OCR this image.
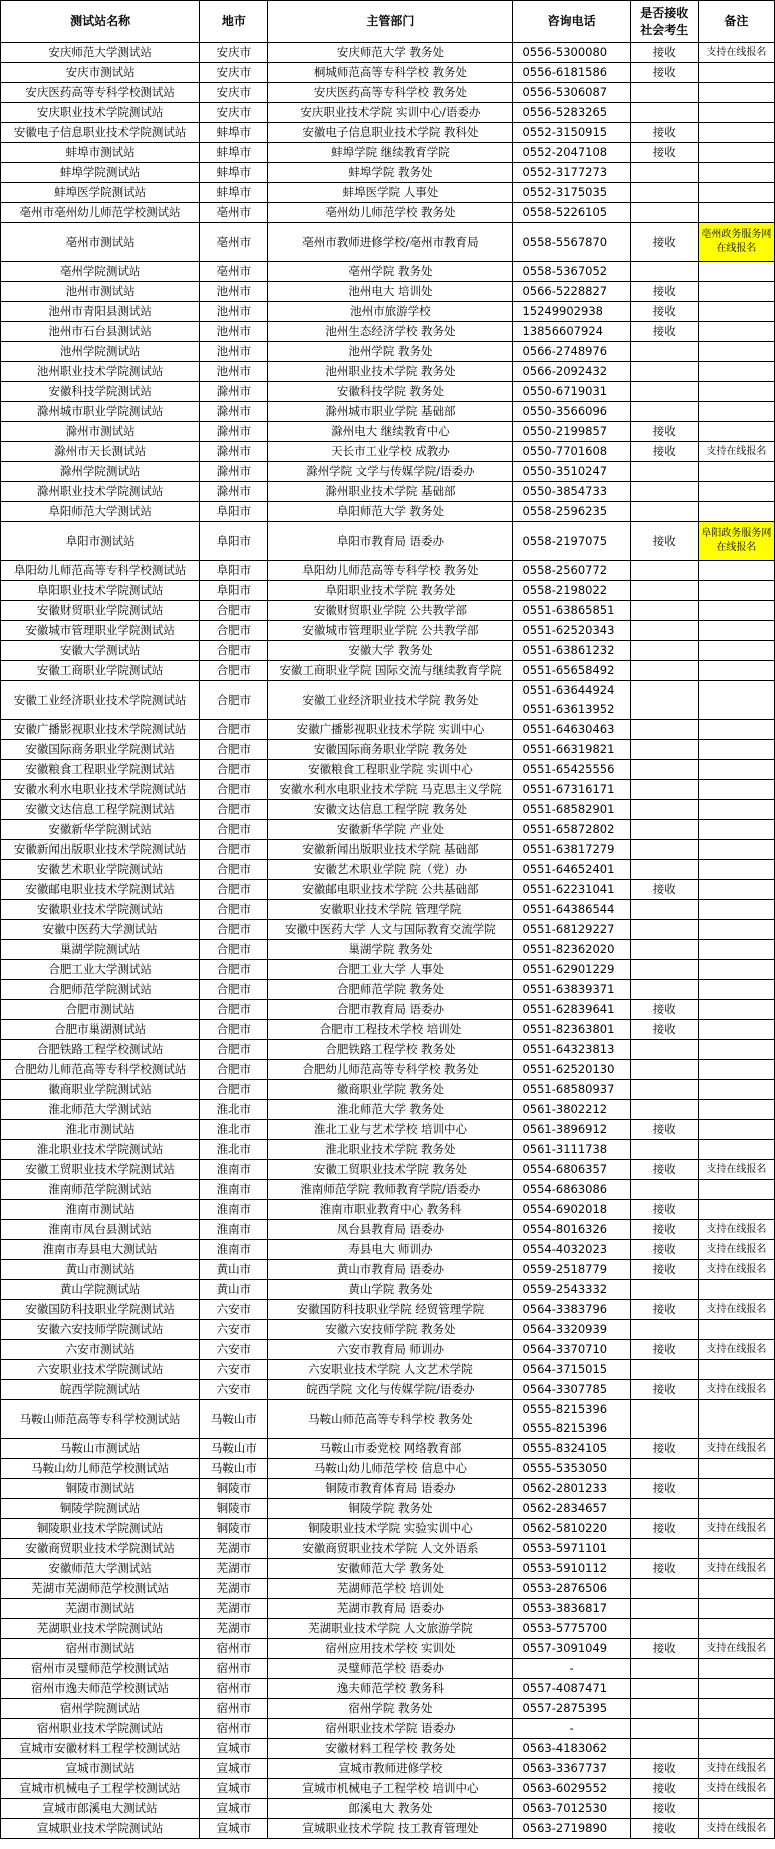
测试站名称	地市	主管部门	咨询电话	是否接收
社会考生	备注
安庆师范大学测试站	安庆市	安庆师范大学 教务处	0556-5300080	接收	支持在线报名
安庆市测试站	安庆市	桐城师范高等专科学校 教务处	0556-6181586	接收	
安庆医药高等专科学校测试站	安庆市	安庆医药高等专科学校 教务处	0556-5306087		

安庆职业技术学院测试站	安庆市	安庆职业技术学院 实训中心/语委办	0556-5283265		

安徽电子信息职业技术学院测试站	蚌埠市	安徽电子信息职业技术学院 教科处	0552-3150915	接收	
蚌埠市测试站	蚌埠市	蚌埠学院 继续教育学院	0552-2047108	接收	
蚌埠学院测试站	蚌埠市	蚌埠学院 教务处	0552-3177273		

蚌埠医学院测试站	蚌埠市	蚌埠医学院 人事处	0552-3175035		

亳州市亳州幼儿师范学校测试站	亳州市	亳州幼儿师范学校 教务处	0558-5226105		

亳州市测试站	亳州市	亳州市教师进修学校/亳州市教育局	0558-5567870	接收	亳州政务服务网在线报名
亳州学院测试站	亳州市	亳州学院 教务处	0558-5367052		

池州市测试站	池州市	池州电大 培训处	0566-5228827	接收	
池州市青阳县测试站	池州市	池州市旅游学校	15249902938	接收	
池州市石台县测试站	池州市	池州生态经济学校 教务处	13856607924	接收	
池州学院测试站	池州市	池州学院 教务处	0566-2748976		

池州职业技术学院测试站	池州市	池州职业技术学院 教务处	0566-2092432		

安徽科技学院测试站	滁州市	安徽科技学院 教务处	0550-6719031		

滁州城市职业学院测试站	滁州市	滁州城市职业学院 基础部	0550-3566096		

滁州市测试站	滁州市	滁州电大 继续教育中心	0550-2199857	接收	
滁州市天长测试站	滁州市	天长市工业学校 成教办	0550-7701608	接收	支持在线报名
滁州学院测试站	滁州市	滁州学院 文学与传媒学院/语委办	0550-3510247		

滁州职业技术学院测试站	滁州市	滁州职业技术学院 基础部	0550-3854733		

阜阳师范大学测试站	阜阳市	阜阳师范大学 教务处	0558-2596235		

阜阳市测试站	阜阳市	阜阳市教育局 语委办	0558-2197075	接收	阜阳政务服务网在线报名
阜阳幼儿师范高等专科学校测试站	阜阳市	阜阳幼儿师范高等专科学校 教务处	0558-2560772		

阜阳职业技术学院测试站	阜阳市	阜阳职业技术学院 教务处	0558-2198022		

安徽财贸职业学院测试站	合肥市	安徽财贸职业学院 公共教学部	0551-63865851		

安徽城市管理职业学院测试站	合肥市	安徽城市管理职业学院 公共教学部	0551-62520343		

安徽大学测试站	合肥市	安徽大学 教务处	0551-63861232		

安徽工商职业学院测试站	合肥市	安徽工商职业学院 国际交流与继续教育学院	0551-65658492		

安徽工业经济职业技术学院测试站	合肥市	安徽工业经济职业技术学院 教务处	0551-63644924
0551-63613952		

安徽广播影视职业技术学院测试站	合肥市	安徽广播影视职业技术学院 实训中心	0551-64630463		

安徽国际商务职业学院测试站	合肥市	安徽国际商务职业学院 教务处	0551-66319821		

安徽粮食工程职业学院测试站	合肥市	安徽粮食工程职业学院 实训中心	0551-65425556		

安徽水利水电职业技术学院测试站	合肥市	安徽水利水电职业技术学院 马克思主义学院	0551-67316171		

安徽文达信息工程学院测试站	合肥市	安徽文达信息工程学院 教务处	0551-68582901		

安徽新华学院测试站	合肥市	安徽新华学院 产业处	0551-65872802		

安徽新闻出版职业技术学院测试站	合肥市	安徽新闻出版职业技术学院 基础部	0551-63817279		

安徽艺术职业学院测试站	合肥市	安徽艺术职业学院 院（党）办	0551-64652401		

安徽邮电职业技术学院测试站	合肥市	安徽邮电职业技术学院 公共基础部	0551-62231041	接收	
安徽职业技术学院测试站	合肥市	安徽职业技术学院 管理学院	0551-64386544		

安徽中医药大学测试站	合肥市	安徽中医药大学 人文与国际教育交流学院	0551-68129227		

巢湖学院测试站	合肥市	巢湖学院 教务处	0551-82362020		

合肥工业大学测试站	合肥市	合肥工业大学 人事处	0551-62901229		

合肥师范学院测试站	合肥市	合肥师范学院 教务处	0551-63839371		

合肥市测试站	合肥市	合肥市教育局 语委办	0551-62839641	接收	
合肥市巢湖测试站	合肥市	合肥市工程技术学校 培训处	0551-82363801	接收	
合肥铁路工程学校测试站	合肥市	合肥铁路工程学校 教务处	0551-64323813		

合肥幼儿师范高等专科学校测试站	合肥市	合肥幼儿师范高等专科学校 教务处	0551-62520130		

徽商职业学院测试站	合肥市	徽商职业学院 教务处	0551-68580937		

淮北师范大学测试站	淮北市	淮北师范大学 教务处	0561-3802212		

淮北市测试站	淮北市	淮北工业与艺术学校 培训中心	0561-3896912	接收	
淮北职业技术学院测试站	淮北市	淮北职业技术学院 教务处	0561-3111738		

安徽工贸职业技术学院测试站	淮南市	安徽工贸职业技术学院 教务处	0554-6806357	接收	支持在线报名
淮南师范学院测试站	淮南市	淮南师范学院 教师教育学院/语委办	0554-6863086		

淮南市测试站	淮南市	淮南市职业教育中心 教务科	0554-6902018	接收	
淮南市凤台县测试站	淮南市	凤台县教育局 语委办	0554-8016326	接收	支持在线报名
淮南市寿县电大测试站	淮南市	寿县电大 师训办	0554-4032023	接收	支持在线报名
黄山市测试站	黄山市	黄山市教育局 语委办	0559-2518779	接收	支持在线报名
黄山学院测试站	黄山市	黄山学院 教务处	0559-2543332		

安徽国防科技职业学院测试站	六安市	安徽国防科技职业学院 经贸管理学院	0564-3383796	接收	支持在线报名
安徽六安技师学院测试站	六安市	安徽六安技师学院 教务处	0564-3320939		

六安市测试站	六安市	六安市教育局 师训办	0564-3370710	接收	支持在线报名
六安职业技术学院测试站	六安市	六安职业技术学院 人文艺术学院	0564-3715015		

皖西学院测试站	六安市	皖西学院 文化与传媒学院/语委办	0564-3307785	接收	支持在线报名
马鞍山师范高等专科学校测试站	马鞍山市	马鞍山师范高等专科学校 教务处	0555-8215396
0555-8215396		

马鞍山市测试站	马鞍山市	马鞍山市委党校 网络教育部	0555-8324105	接收	支持在线报名
马鞍山幼儿师范学校测试站	马鞍山市	马鞍山幼儿师范学校 信息中心	0555-5353050		

铜陵市测试站	铜陵市	铜陵市教育体育局 语委办	0562-2801233	接收	
铜陵学院测试站	铜陵市	铜陵学院 教务处	0562-2834657		

铜陵职业技术学院测试站	铜陵市	铜陵职业技术学院 实验实训中心	0562-5810220	接收	支持在线报名
安徽商贸职业技术学院测试站	芜湖市	安徽商贸职业技术学院 人文外语系	0553-5971101		

安徽师范大学测试站	芜湖市	安徽师范大学 教务处	0553-5910112	接收	支持在线报名
芜湖市芜湖师范学校测试站	芜湖市	芜湖师范学校 培训处	0553-2876506		

芜湖市测试站	芜湖市	芜湖市教育局 语委办	0553-3836817		

芜湖职业技术学院测试站	芜湖市	芜湖职业技术学院 人文旅游学院	0553-5775700		

宿州市测试站	宿州市	宿州应用技术学校 实训处	0557-3091049	接收	支持在线报名
宿州市灵璧师范学校测试站	宿州市	灵璧师范学校 语委办	-		

宿州市逸夫师范学校测试站	宿州市	逸夫师范学校 教务科	0557-4087471		

宿州学院测试站	宿州市	宿州学院 教务处	0557-2875395		

宿州职业技术学院测试站	宿州市	宿州职业技术学院 语委办	-		

宣城市安徽材料工程学校测试站	宣城市	安徽材料工程学校 教务处	0563-4183062		

宣城市测试站	宣城市	宣城市教师进修学校	0563-3367737	接收	支持在线报名
宣城市机械电子工程学校测试站	宣城市	宣城市机械电子工程学校 培训中心	0563-6029552	接收	支持在线报名
宣城市郎溪电大测试站	宣城市	郎溪电大 教务处	0563-7012530	接收	
宣城职业技术学院测试站	宣城市	宣城职业技术学院 技工教育管理处	0563-2719890	接收	支持在线报名
